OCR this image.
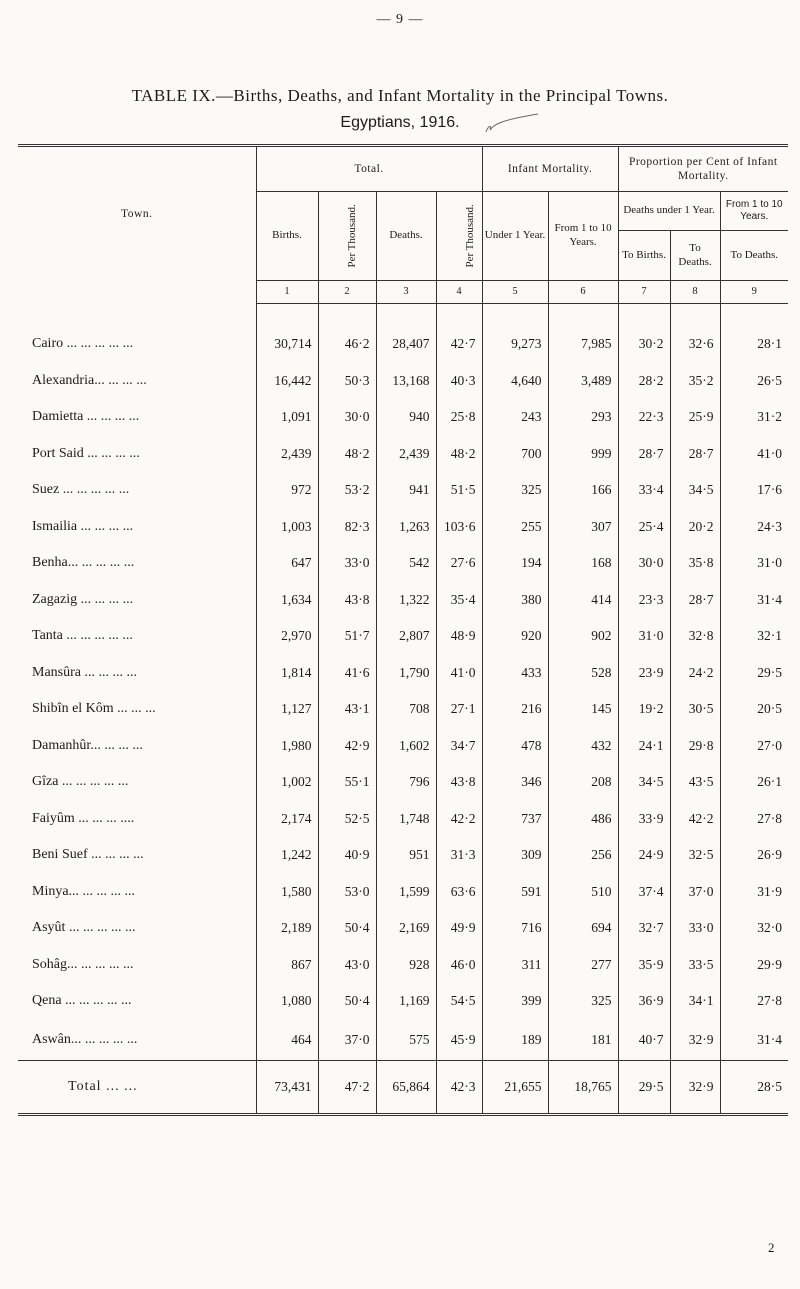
— 9 —
TABLE IX.—Births, Deaths, and Infant Mortality in the Principal Towns.
Egyptians, 1916.
Town.	Total.				Infant Mortality.		Proportion per Cent of Infant Mortality.		
	Births.	Per Thousand.	Deaths.	Per Thousand.	Under 1 Year.	From 1 to 10 Years.	Deaths under 1 Year.		From 1 to 10 Years.
							To Births.	To Deaths.	To Deaths.
	1	2	3	4	5	6	7	8	9

Cairo ... ... ... ... ...	30,714	46·2	28,407	42·7	9,273	7,985	30·2	32·6	28·1
Alexandria... ... ... ...	16,442	50·3	13,168	40·3	4,640	3,489	28·2	35·2	26·5
Damietta ... ... ... ...	1,091	30·0	940	25·8	243	293	22·3	25·9	31·2
Port Said ... ... ... ...	2,439	48·2	2,439	48·2	700	999	28·7	28·7	41·0
Suez ... ... ... ... ...	972	53·2	941	51·5	325	166	33·4	34·5	17·6
Ismailia ... ... ... ...	1,003	82·3	1,263	103·6	255	307	25·4	20·2	24·3
Benha... ... ... ... ...	647	33·0	542	27·6	194	168	30·0	35·8	31·0
Zagazig ... ... ... ...	1,634	43·8	1,322	35·4	380	414	23·3	28·7	31·4
Tanta ... ... ... ... ...	2,970	51·7	2,807	48·9	920	902	31·0	32·8	32·1
Mansûra ... ... ... ...	1,814	41·6	1,790	41·0	433	528	23·9	24·2	29·5
Shibîn el Kôm ... ... ...	1,127	43·1	708	27·1	216	145	19·2	30·5	20·5
Damanhûr... ... ... ...	1,980	42·9	1,602	34·7	478	432	24·1	29·8	27·0
Gîza ... ... ... ... ...	1,002	55·1	796	43·8	346	208	34·5	43·5	26·1
Faiyûm ... ... ... ....	2,174	52·5	1,748	42·2	737	486	33·9	42·2	27·8
Beni Suef ... ... ... ...	1,242	40·9	951	31·3	309	256	24·9	32·5	26·9
Minya... ... ... ... ...	1,580	53·0	1,599	63·6	591	510	37·4	37·0	31·9
Asyût ... ... ... ... ...	2,189	50·4	2,169	49·9	716	694	32·7	33·0	32·0
Sohâg... ... ... ... ...	867	43·0	928	46·0	311	277	35·9	33·5	29·9
Qena ... ... ... ... ...	1,080	50·4	1,169	54·5	399	325	36·9	34·1	27·8
Aswân... ... ... ... ...	464	37·0	575	45·9	189	181	40·7	32·9	31·4
Total ... ...	73,431	47·2	65,864	42·3	21,655	18,765	29·5	32·9	28·5
2
